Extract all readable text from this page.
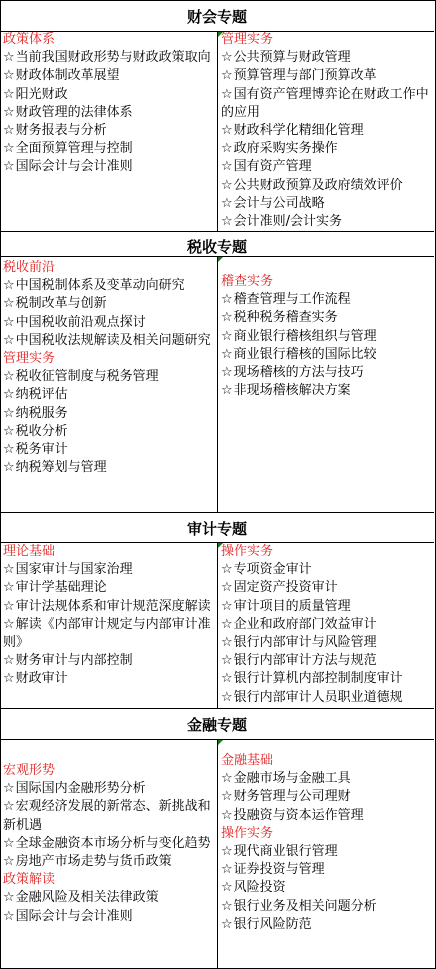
财会专题
政策体系
☆当前我国财政形势与财政政策取向
☆财政体制改革展望
☆阳光财政
☆财政管理的法律体系
☆财务报表与分析
☆全面预算管理与控制
☆国际会计与会计准则
管理实务
☆公共预算与财政管理
☆预算管理与部门预算改革
☆国有资产管理博弈论在财政工作中的应用
☆财政科学化精细化管理
☆政府采购实务操作
☆国有资产管理
☆公共财政预算及政府绩效评价
☆会计与公司战略
☆会计准则/会计实务
税收专题
税收前沿
☆中国税制体系及变革动向研究
☆税制改革与创新
☆中国税收前沿观点探讨
☆中国税收法规解读及相关问题研究
管理实务
☆税收征管制度与税务管理
☆纳税评估
☆纳税服务
☆税收分析
☆税务审计
☆纳税筹划与管理
稽查实务
☆稽查管理与工作流程
☆税种税务稽查实务
☆商业银行稽核组织与管理
☆商业银行稽核的国际比较
☆现场稽核的方法与技巧
☆非现场稽核解决方案
审计专题
理论基础
☆国家审计与国家治理
☆审计学基础理论
☆审计法规体系和审计规范深度解读
☆解读《内部审计规定与内部审计准则》
☆财务审计与内部控制
☆财政审计
操作实务
☆专项资金审计
☆固定资产投资审计
☆审计项目的质量管理
☆企业和政府部门效益审计
☆银行内部审计与风险管理
☆银行内部审计方法与规范
☆银行计算机内部控制制度审计
☆银行内部审计人员职业道德规
金融专题
宏观形势
☆国际国内金融形势分析
☆宏观经济发展的新常态、新挑战和新机遇
☆全球金融资本市场分析与变化趋势
☆房地产市场走势与货币政策
政策解读
☆金融风险及相关法律政策
☆国际会计与会计准则
金融基础
☆金融市场与金融工具
☆财务管理与公司理财
☆投融资与资本运作管理
操作实务
☆现代商业银行管理
☆证券投资与管理
☆风险投资
☆银行业务及相关问题分析
☆银行风险防范
